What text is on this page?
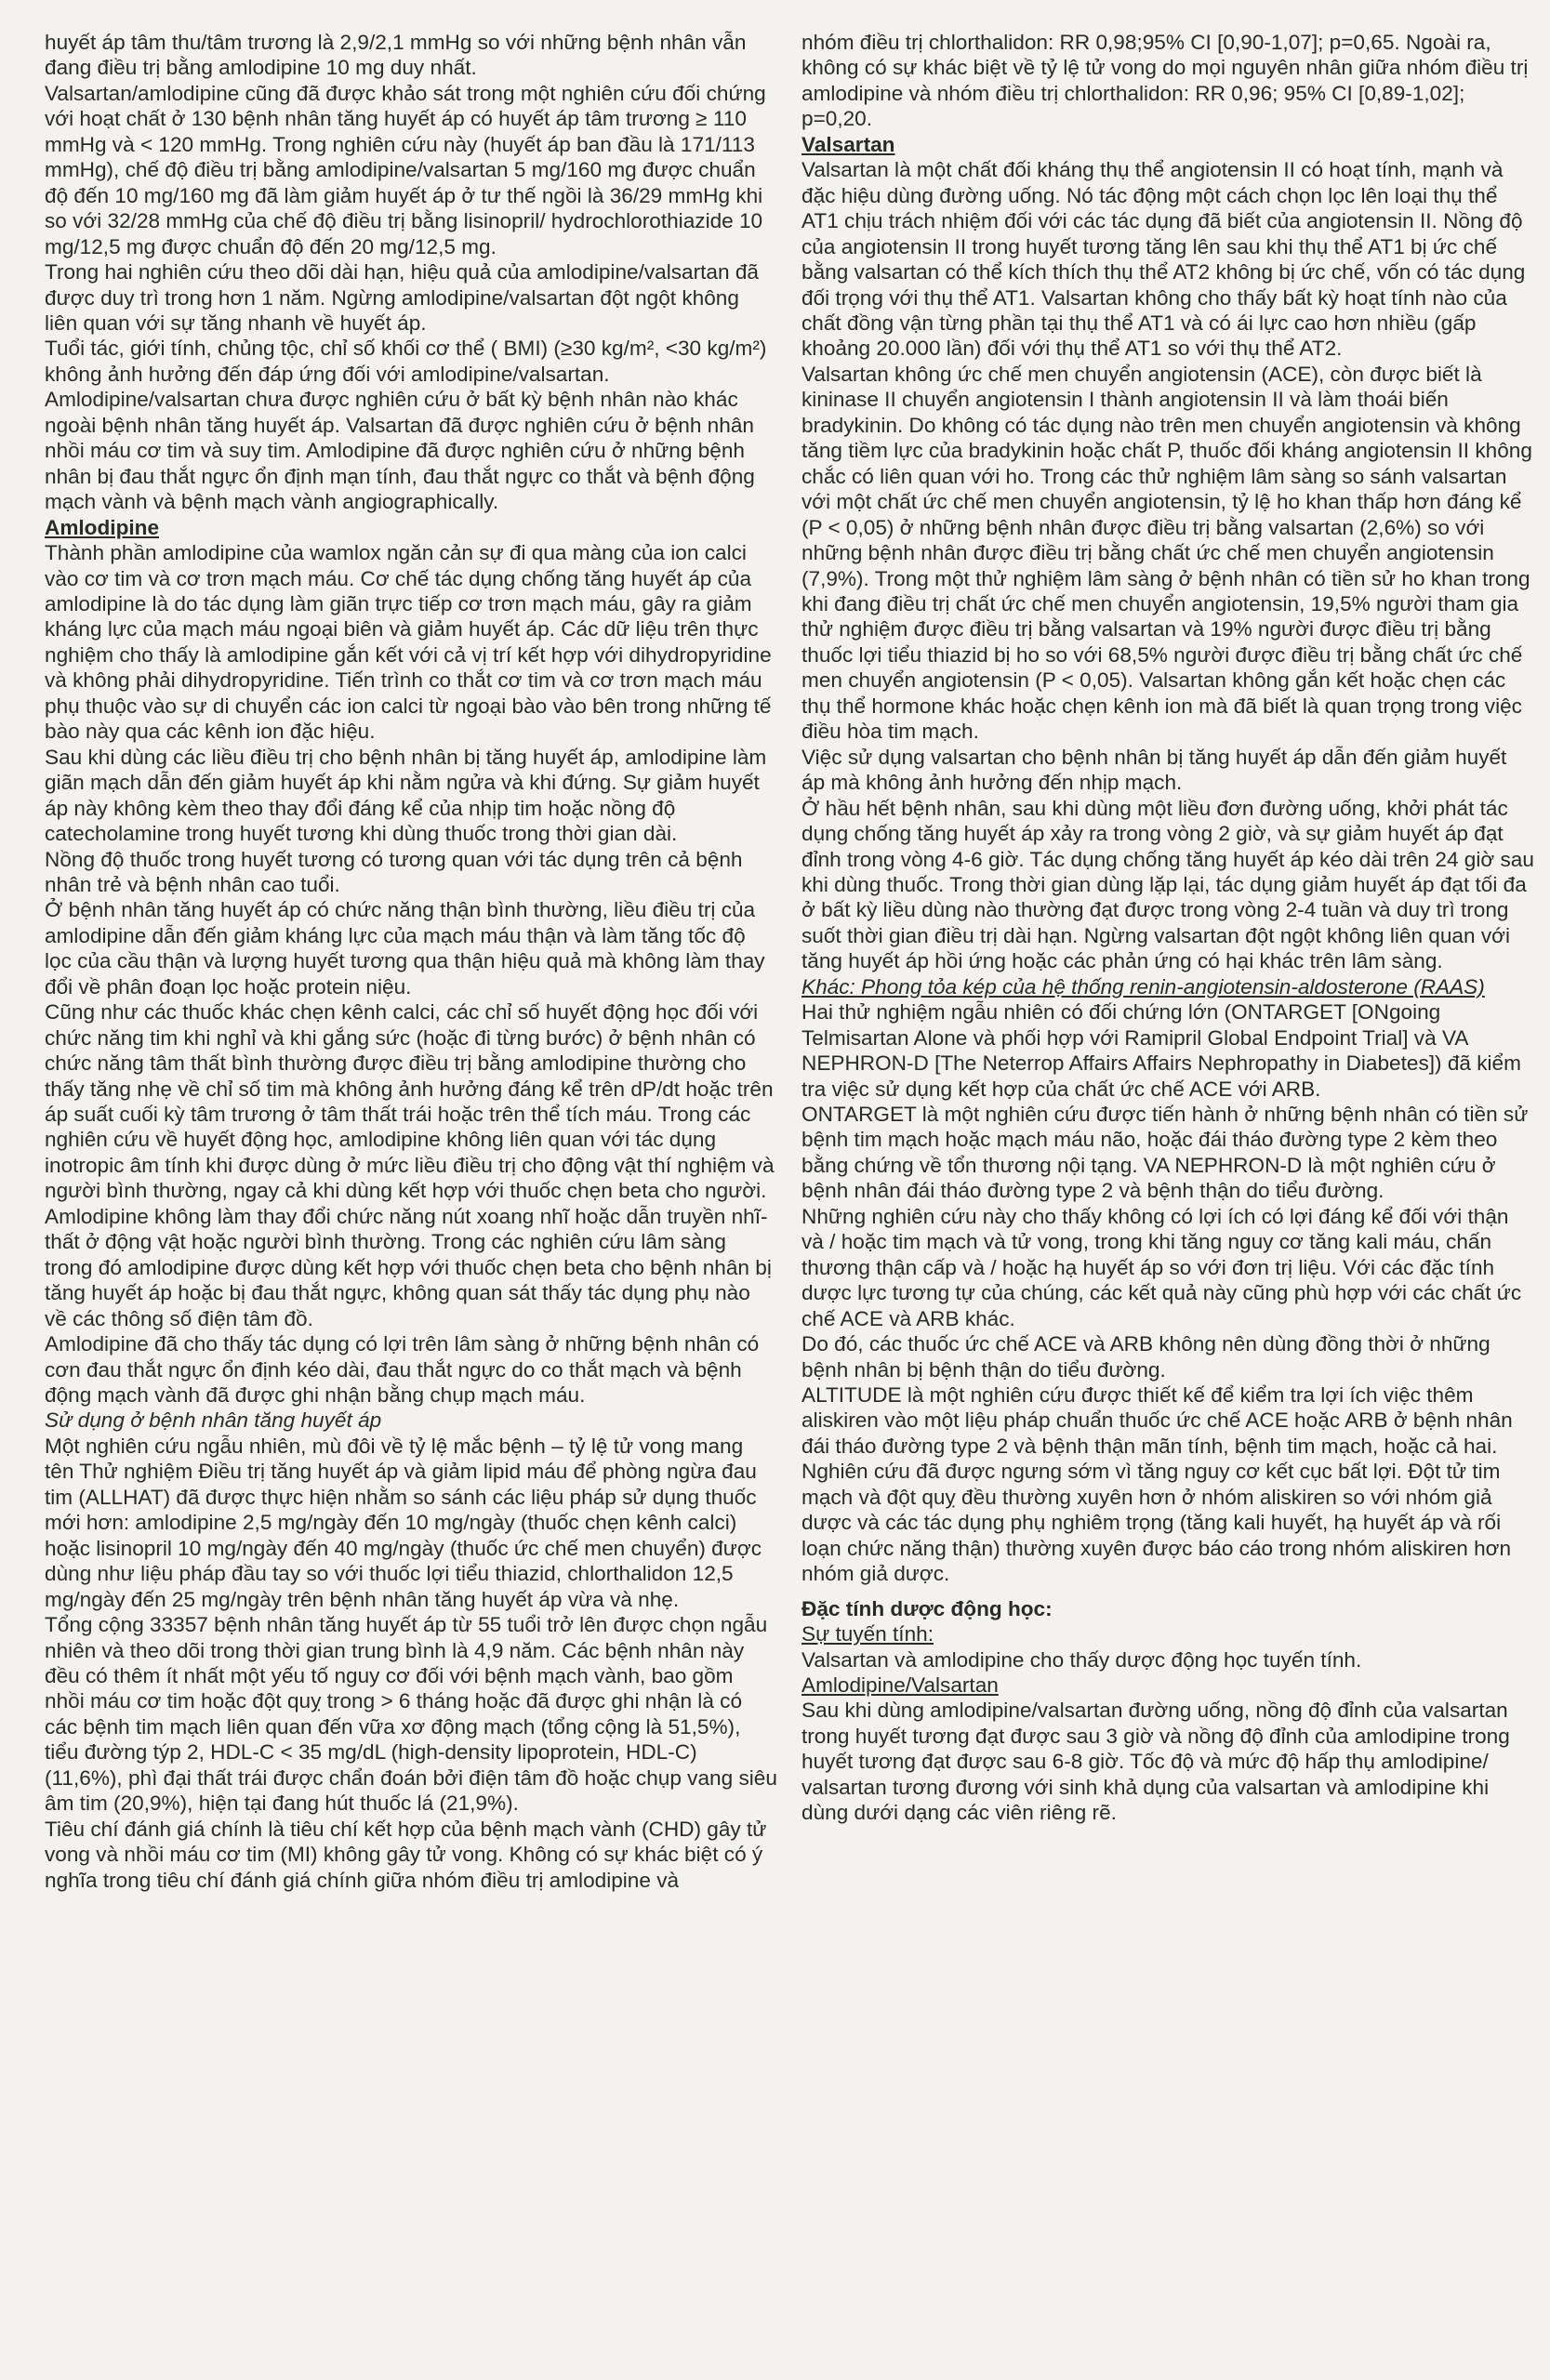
huyết áp tâm thu/tâm trương là 2,9/2,1 mmHg so với những bệnh nhân vẫn đang điều trị bằng amlodipine 10 mg duy nhất.

Valsartan/amlodipine cũng đã được khảo sát trong một nghiên cứu đối chứng với hoạt chất ở 130 bệnh nhân tăng huyết áp có huyết áp tâm trương ≥ 110 mmHg và < 120 mmHg. Trong nghiên cứu này (huyết áp ban đầu là 171/113 mmHg), chế độ điều trị bằng amlodipine/valsartan 5 mg/160 mg được chuẩn độ đến 10 mg/160 mg đã làm giảm huyết áp ở tư thế ngồi là 36/29 mmHg khi so với 32/28 mmHg của chế độ điều trị bằng lisinopril/ hydrochlorothiazide 10 mg/12,5 mg được chuẩn độ đến 20 mg/12,5 mg.

Trong hai nghiên cứu theo dõi dài hạn, hiệu quả của amlodipine/valsartan đã được duy trì trong hơn 1 năm. Ngừng amlodipine/valsartan đột ngột không liên quan với sự tăng nhanh về huyết áp.

Tuổi tác, giới tính, chủng tộc, chỉ số khối cơ thể ( BMI) (≥30 kg/m², <30 kg/m²) không ảnh hưởng đến đáp ứng đối với amlodipine/valsartan.

Amlodipine/valsartan chưa được nghiên cứu ở bất kỳ bệnh nhân nào khác ngoài bệnh nhân tăng huyết áp. Valsartan đã được nghiên cứu ở bệnh nhân nhồi máu cơ tim và suy tim. Amlodipine đã được nghiên cứu ở những bệnh nhân bị đau thắt ngực ổn định mạn tính, đau thắt ngực co thắt và bệnh động mạch vành và bệnh mạch vành angiographically.

Amlodipine

Thành phần amlodipine của wamlox ngăn cản sự đi qua màng của ion calci vào cơ tim và cơ trơn mạch máu. Cơ chế tác dụng chống tăng huyết áp của amlodipine là do tác dụng làm giãn trực tiếp cơ trơn mạch máu, gây ra giảm kháng lực của mạch máu ngoại biên và giảm huyết áp. Các dữ liệu trên thực nghiệm cho thấy là amlodipine gắn kết với cả vị trí kết hợp với dihydropyridine và không phải dihydropyridine. Tiến trình co thắt cơ tim và cơ trơn mạch máu phụ thuộc vào sự di chuyển các ion calci từ ngoại bào vào bên trong những tế bào này qua các kênh ion đặc hiệu.

Sau khi dùng các liều điều trị cho bệnh nhân bị tăng huyết áp, amlodipine làm giãn mạch dẫn đến giảm huyết áp khi nằm ngửa và khi đứng. Sự giảm huyết áp này không kèm theo thay đổi đáng kể của nhịp tim hoặc nồng độ catecholamine trong huyết tương khi dùng thuốc trong thời gian dài.

Nồng độ thuốc trong huyết tương có tương quan với tác dụng trên cả bệnh nhân trẻ và bệnh nhân cao tuổi.

Ở bệnh nhân tăng huyết áp có chức năng thận bình thường, liều điều trị của amlodipine dẫn đến giảm kháng lực của mạch máu thận và làm tăng tốc độ lọc của cầu thận và lượng huyết tương qua thận hiệu quả mà không làm thay đổi về phân đoạn lọc hoặc protein niệu.

Cũng như các thuốc khác chẹn kênh calci, các chỉ số huyết động học đối với chức năng tim khi nghỉ và khi gắng sức (hoặc đi từng bước) ở bệnh nhân có chức năng tâm thất bình thường được điều trị bằng amlodipine thường cho thấy tăng nhẹ về chỉ số tim mà không ảnh hưởng đáng kể trên dP/dt hoặc trên áp suất cuối kỳ tâm trương ở tâm thất trái hoặc trên thể tích máu. Trong các nghiên cứu về huyết động học, amlodipine không liên quan với tác dụng inotropic âm tính khi được dùng ở mức liều điều trị cho động vật thí nghiệm và người bình thường, ngay cả khi dùng kết hợp với thuốc chẹn beta cho người.

Amlodipine không làm thay đổi chức năng nút xoang nhĩ hoặc dẫn truyền nhĩ-thất ở động vật hoặc người bình thường. Trong các nghiên cứu lâm sàng trong đó amlodipine được dùng kết hợp với thuốc chẹn beta cho bệnh nhân bị tăng huyết áp hoặc bị đau thắt ngực, không quan sát thấy tác dụng phụ nào về các thông số điện tâm đồ.

Amlodipine đã cho thấy tác dụng có lợi trên lâm sàng ở những bệnh nhân có cơn đau thắt ngực ổn định kéo dài, đau thắt ngực do co thắt mạch và bệnh động mạch vành đã được ghi nhận bằng chụp mạch máu.

Sử dụng ở bệnh nhân tăng huyết áp

Một nghiên cứu ngẫu nhiên, mù đôi về tỷ lệ mắc bệnh – tỷ lệ tử vong mang tên Thử nghiệm Điều trị tăng huyết áp và giảm lipid máu để phòng ngừa đau tim (ALLHAT) đã được thực hiện nhằm so sánh các liệu pháp sử dụng thuốc mới hơn: amlodipine 2,5 mg/ngày đến 10 mg/ngày (thuốc chẹn kênh calci) hoặc lisinopril 10 mg/ngày đến 40 mg/ngày (thuốc ức chế men chuyển) được dùng như liệu pháp đầu tay so với thuốc lợi tiểu thiazid, chlorthalidon 12,5 mg/ngày đến 25 mg/ngày trên bệnh nhân tăng huyết áp vừa và nhẹ.

Tổng cộng 33357 bệnh nhân tăng huyết áp từ 55 tuổi trở lên được chọn ngẫu nhiên và theo dõi trong thời gian trung bình là 4,9 năm. Các bệnh nhân này đều có thêm ít nhất một yếu tố nguy cơ đối với bệnh mạch vành, bao gồm nhồi máu cơ tim hoặc đột quỵ trong > 6 tháng hoặc đã được ghi nhận là có các bệnh tim mạch liên quan đến vữa xơ động mạch (tổng cộng là 51,5%), tiểu đường týp 2, HDL-C < 35 mg/dL (high-density lipoprotein, HDL-C) (11,6%), phì đại thất trái được chẩn đoán bởi điện tâm đồ hoặc chụp vang siêu âm tim (20,9%), hiện tại đang hút thuốc lá (21,9%).

Tiêu chí đánh giá chính là tiêu chí kết hợp của bệnh mạch vành (CHD) gây tử vong và nhồi máu cơ tim (MI) không gây tử vong. Không có sự khác biệt có ý nghĩa trong tiêu chí đánh giá chính giữa nhóm điều trị amlodipine và

nhóm điều trị chlorthalidon: RR 0,98;95% CI [0,90-1,07]; p=0,65. Ngoài ra, không có sự khác biệt về tỷ lệ tử vong do mọi nguyên nhân giữa nhóm điều trị amlodipine và nhóm điều trị chlorthalidon: RR 0,96; 95% CI [0,89-1,02]; p=0,20.

Valsartan

Valsartan là một chất đối kháng thụ thể angiotensin II có hoạt tính, mạnh và đặc hiệu dùng đường uống. Nó tác động một cách chọn lọc lên loại thụ thể AT1 chịu trách nhiệm đối với các tác dụng đã biết của angiotensin II. Nồng độ của angiotensin II trong huyết tương tăng lên sau khi thụ thể AT1 bị ức chế bằng valsartan có thể kích thích thụ thể AT2 không bị ức chế, vốn có tác dụng đối trọng với thụ thể AT1. Valsartan không cho thấy bất kỳ hoạt tính nào của chất đồng vận từng phần tại thụ thể AT1 và có ái lực cao hơn nhiều (gấp khoảng 20.000 lần) đối với thụ thể AT1 so với thụ thể AT2.

Valsartan không ức chế men chuyển angiotensin (ACE), còn được biết là kininase II chuyển angiotensin I thành angiotensin II và làm thoái biến bradykinin. Do không có tác dụng nào trên men chuyển angiotensin và không tăng tiềm lực của bradykinin hoặc chất P, thuốc đối kháng angiotensin II không chắc có liên quan với ho. Trong các thử nghiệm lâm sàng so sánh valsartan với một chất ức chế men chuyển angiotensin, tỷ lệ ho khan thấp hơn đáng kể (P < 0,05) ở những bệnh nhân được điều trị bằng valsartan (2,6%) so với những bệnh nhân được điều trị bằng chất ức chế men chuyển angiotensin (7,9%). Trong một thử nghiệm lâm sàng ở bệnh nhân có tiền sử ho khan trong khi đang điều trị chất ức chế men chuyển angiotensin, 19,5% người tham gia thử nghiệm được điều trị bằng valsartan và 19% người được điều trị bằng thuốc lợi tiểu thiazid bị ho so với 68,5% người được điều trị bằng chất ức chế men chuyển angiotensin (P < 0,05). Valsartan không gắn kết hoặc chẹn các thụ thể hormone khác hoặc chẹn kênh ion mà đã biết là quan trọng trong việc điều hòa tim mạch.

Việc sử dụng valsartan cho bệnh nhân bị tăng huyết áp dẫn đến giảm huyết áp mà không ảnh hưởng đến nhịp mạch.

Ở hầu hết bệnh nhân, sau khi dùng một liều đơn đường uống, khởi phát tác dụng chống tăng huyết áp xảy ra trong vòng 2 giờ, và sự giảm huyết áp đạt đỉnh trong vòng 4-6 giờ. Tác dụng chống tăng huyết áp kéo dài trên 24 giờ sau khi dùng thuốc. Trong thời gian dùng lặp lại, tác dụng giảm huyết áp đạt tối đa ở bất kỳ liều dùng nào thường đạt được trong vòng 2-4 tuần và duy trì trong suốt thời gian điều trị dài hạn. Ngừng valsartan đột ngột không liên quan với tăng huyết áp hồi ứng hoặc các phản ứng có hại khác trên lâm sàng.

Khác: Phong tỏa kép của hệ thống renin-angiotensin-aldosterone (RAAS)

Hai thử nghiệm ngẫu nhiên có đối chứng lớn (ONTARGET [ONgoing Telmisartan Alone và phối hợp với Ramipril Global Endpoint Trial] và VA NEPHRON-D [The Neterrop Affairs Affairs Nephropathy in Diabetes]) đã kiểm tra việc sử dụng kết hợp của chất ức chế ACE với ARB.

ONTARGET là một nghiên cứu được tiến hành ở những bệnh nhân có tiền sử bệnh tim mạch hoặc mạch máu não, hoặc đái tháo đường type 2 kèm theo bằng chứng về tổn thương nội tạng. VA NEPHRON-D là một nghiên cứu ở bệnh nhân đái tháo đường type 2 và bệnh thận do tiểu đường.

Những nghiên cứu này cho thấy không có lợi ích có lợi đáng kể đối với thận và / hoặc tim mạch và tử vong, trong khi tăng nguy cơ tăng kali máu, chấn thương thận cấp và / hoặc hạ huyết áp so với đơn trị liệu. Với các đặc tính dược lực tương tự của chúng, các kết quả này cũng phù hợp với các chất ức chế ACE và ARB khác.

Do đó, các thuốc ức chế ACE và ARB không nên dùng đồng thời ở những bệnh nhân bị bệnh thận do tiểu đường.

ALTITUDE là một nghiên cứu được thiết kế để kiểm tra lợi ích việc thêm aliskiren vào một liệu pháp chuẩn thuốc ức chế ACE hoặc ARB ở bệnh nhân đái tháo đường type 2 và bệnh thận mãn tính, bệnh tim mạch, hoặc cả hai. Nghiên cứu đã được ngưng sớm vì tăng nguy cơ kết cục bất lợi. Đột tử tim mạch và đột quỵ đều thường xuyên hơn ở nhóm aliskiren so với nhóm giả dược và các tác dụng phụ nghiêm trọng (tăng kali huyết, hạ huyết áp và rối loạn chức năng thận) thường xuyên được báo cáo trong nhóm aliskiren hơn nhóm giả dược.

Đặc tính dược động học:

Sự tuyến tính:

Valsartan và amlodipine cho thấy dược động học tuyến tính.

Amlodipine/Valsartan

Sau khi dùng amlodipine/valsartan đường uống, nồng độ đỉnh của valsartan trong huyết tương đạt được sau 3 giờ và nồng độ đỉnh của amlodipine trong huyết tương đạt được sau 6-8 giờ. Tốc độ và mức độ hấp thụ amlodipine/ valsartan tương đương với sinh khả dụng của valsartan và amlodipine khi dùng dưới dạng các viên riêng rẽ.
